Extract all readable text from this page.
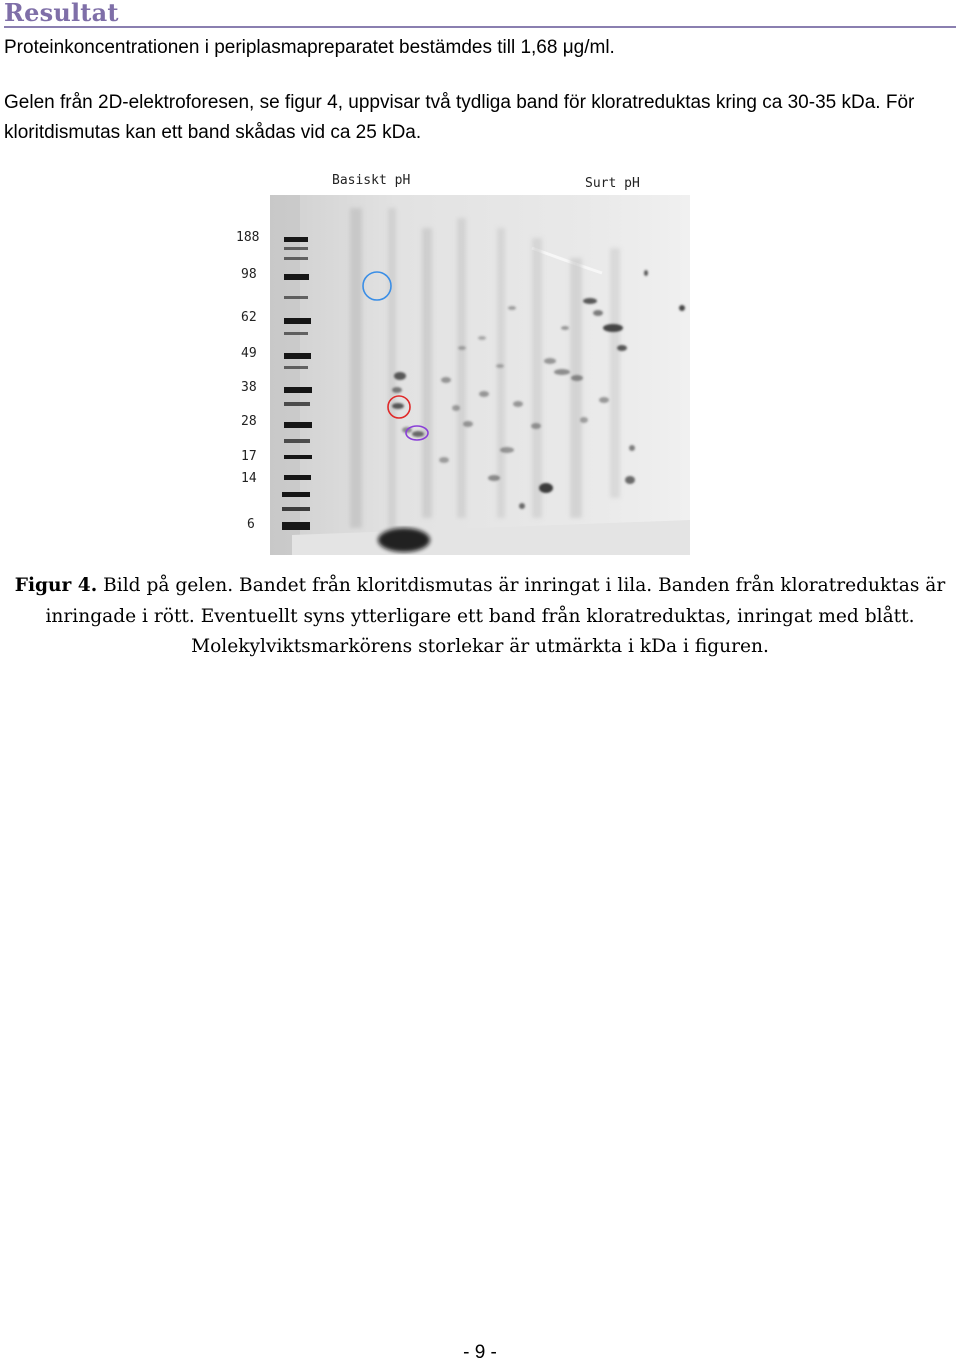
Resultat
Proteinkoncentrationen i periplasmapreparatet bestämdes till 1,68 μg/ml.
Gelen från 2D-elektroforesen, se figur 4, uppvisar två tydliga band för kloratreduktas kring ca 30-35 kDa. För kloritdismutas kan ett band skådas vid ca 25 kDa.
Basiskt pH	Surt pH
188
98
62
49
38
28
17
14
6
Figur 4. Bild på gelen. Bandet från kloritdismutas är inringat i lila. Banden från kloratreduktas är
inringade i rött. Eventuellt syns ytterligare ett band från kloratreduktas, inringat med blått.
Molekylviktsmarkörens storlekar är utmärkta i kDa i figuren.
- 9 -
